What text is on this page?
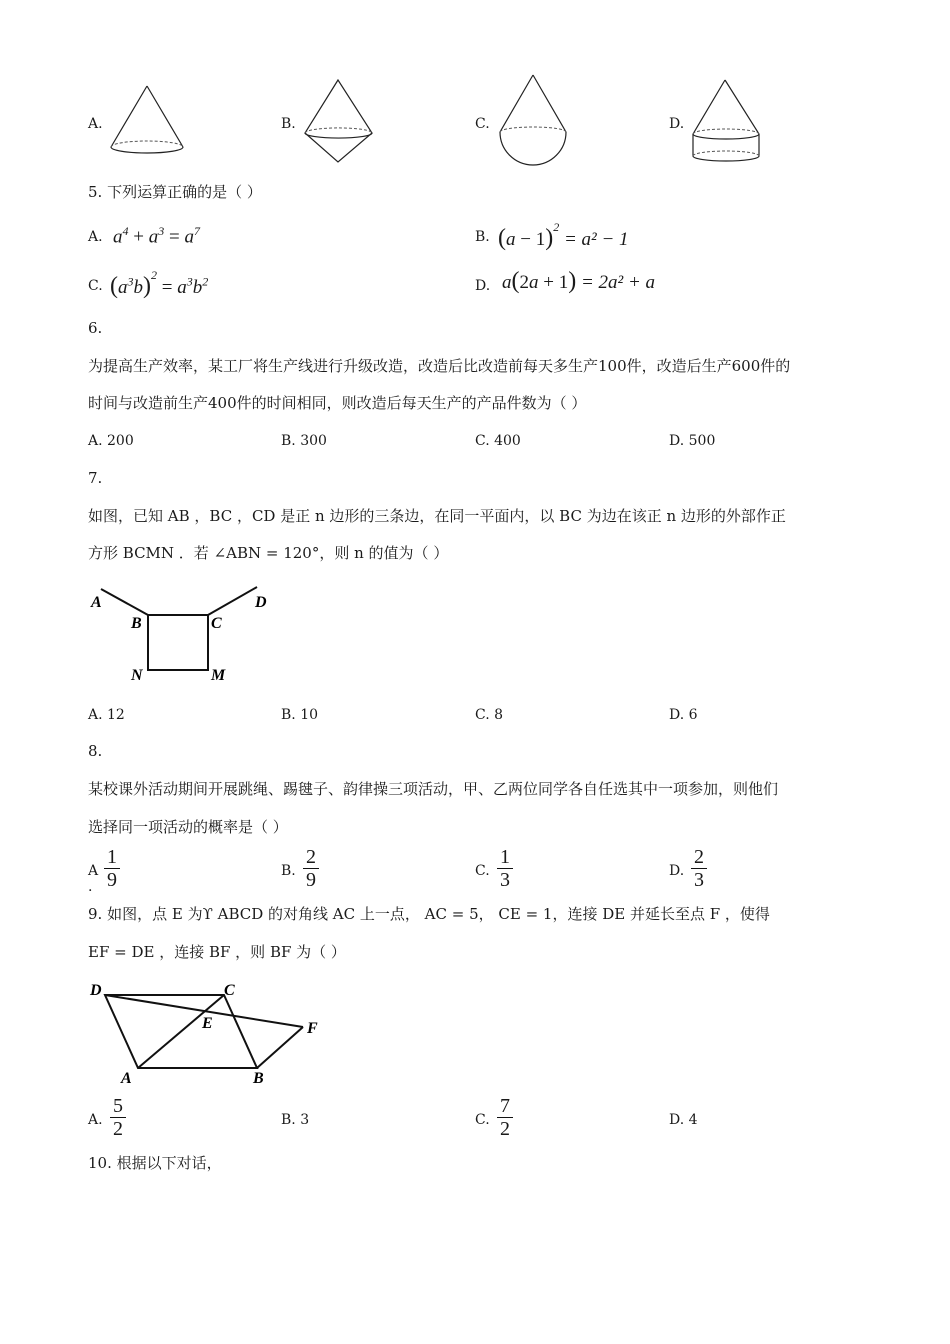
A.	B.	C.	D.
5. 下列运算正确的是（ ）
A. $a^4 + a^3 = a^7$	B. $(a - 1)^2 = a^2 - 1$
C. $(a^3b)^2 = a^3b^2$	D. a(2a + 1) = 2a² + a
6.
为提高生产效率，某工厂将生产线进行升级改造，改造后比改造前每天多生产100件，改造后生产600件的
时间与改造前生产400件的时间相同，则改造后每天生产的产品件数为（ ）
A. 200	B. 300	C. 400	D. 500
7.
如图，已知 AB ，BC ，CD 是正 n 边形的三条边，在同一平面内，以 BC 为边在该正 n 边形的外部作正
方形 BCMN ．若 ∠ABN = 120°，则 n 的值为（ ）
A
B	C
D
N	M
A. 12	B. 10	C. 8	D. 6
8.
某校课外活动期间开展跳绳、踢毽子、韵律操三项活动，甲、乙两位同学各自任选其中一项参加，则他们
选择同一项活动的概率是（ ）
A
. $\frac{1}{9}$	B. $\frac{2}{9}$	C. $\frac{1}{3}$	D. $\frac{2}{3}$
9. 如图，点 E 为ϒ ABCD 的对角线 AC 上一点， AC = 5， CE = 1，连接 DE 并延长至点 F ，使得
EF = DE ，连接 BF ，则 BF 为（ ）
D	C
E	F
A	B
A. $\frac{5}{2}$	B. 3	C. $\frac{7}{2}$	D. 4
10. 根据以下对话，
